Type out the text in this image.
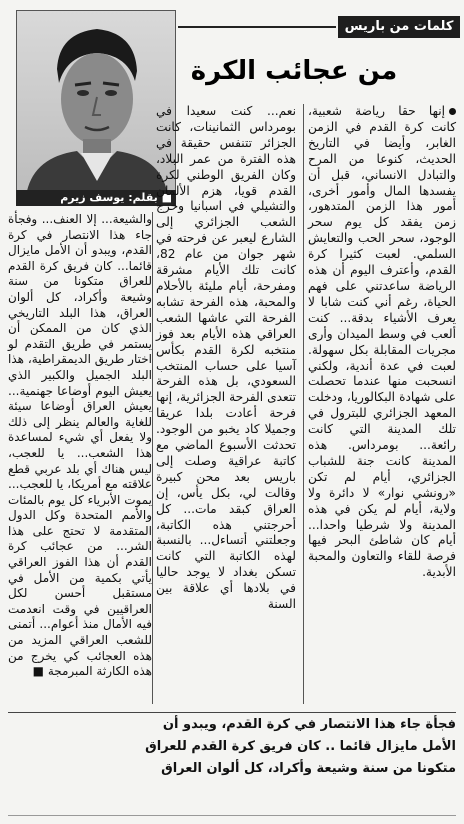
كلمات من باريس
من عجائب الكرة
■ بقلم: يوسف زيرم

إنها حقا رياضة شعبية، كانت كرة القدم في الزمن الغابر، وأيضا في التاريخ الحديث، كنوعا من المرح والتبادل الانساني، قبل أن يفسدها المال وأمور أخرى، أمور هذا الزمن المتدهور، زمن يفقد كل يوم سحر الوجود، سحر الحب والتعايش السلمي. لعبت كثيرا كرة القدم، وأعترف اليوم أن هذه الرياضة ساعدتني على فهم الحياة، رغم أني كنت شابا لا يعرف الأشياء بدقة... كنت ألعب في وسط الميدان وأرى مجريات المقابلة بكل سهولة. لعبت في عدة أندية، ولكني انسحبت منها عندما تحصلت على شهادة البكالوريا، ودخلت المعهد الجزائري للبترول في تلك المدينة التي كانت رائعة... بومرداس. هذه المدينة كانت جنة للشباب الجزائري، أيام لم تكن «رونشي نوار» لا دائرة ولا ولاية، أيام لم يكن في هذه المدينة ولا شرطيا واحدا... أيام كان شاطئ البحر فيها فرصة للقاء والتعاون والمحبة الأبدية.

نعم... كنت سعيدا في بومرداس الثمانينات، كانت الجزائر تتنفس حقيقة في هذه الفترة من عمر البلاد، وكان الفريق الوطني لكرة القدم قويا، هزم الألمان والتشيلي في اسبانيا وخرج الشعب الجزائري إلى الشارع ليعبر عن فرحته في شهر جوان من عام 82، كانت تلك الأيام مشرقة ومفرحة، أيام مليئة بالأحلام والمحبة، هذه الفرحة تشابه الفرحة التي عاشها الشعب العراقي هذه الأيام بعد فوز منتخبه لكرة القدم بكأس آسيا على حساب المنتخب السعودي، بل هذه الفرحة تتعدى الفرحة الجزائرية، إنها فرحة أعادت بلدا عريقا وجميلا كاد يخبو من الوجود. تحدثت الأسبوع الماضي مع كاتبة عراقية وصلت إلى باريس بعد محن كبيرة وقالت لي، بكل يأس، إن العراق كبقد مات... كل أحرجتني هذه الكاتبة، وجعلتني أتساءل... بالنسبة لهذه الكاتبة التي كانت تسكن بغداد لا يوجد حاليا في بلادها أي علاقة بين السنة

والشيعة... إلا العنف... وفجأة جاء هذا الانتصار في كرة القدم، ويبدو أن الأمل مايزال قائما... كان فريق كرة القدم للعراق متكونا من سنة وشيعة وأكراد، كل ألوان العراق، هذا البلد التاريخي الذي كان من الممكن أن يستمر في طريق التقدم لو اختار طريق الديمقراطية، هذا البلد الجميل والكبير الذي يعيش اليوم أوضاعا جهنمية... يعيش العراق أوضاعا سيئة للغاية والعالم ينظر إلى ذلك ولا يفعل أي شيء لمساعدة هذا الشعب... يا للعجب، ليس هناك أي بلد عربي قطع علاقته مع أمريكا، يا للعجب... يموت الأبرياء كل يوم بالمئات والأمم المتحدة وكل الدول المتقدمة لا تحتج على هذا الشر... من عجائب كرة القدم أن هذا الفوز العراقي يأتي بكمية من الأمل في مستقبل أحسن لكل العراقيين في وقت انعدمت فيه الأمال منذ أعوام... أتمنى للشعب العراقي المزيد من هذه العجائب كي يخرج من هذه الكارثة المبرمجة ■

فجأة جاء هذا الانتصار في كرة القدم، ويبدو أن

الأمل مايزال قائما .. كان فريق كرة القدم للعراق

متكونا من سنة وشيعة وأكراد، كل ألوان العراق
